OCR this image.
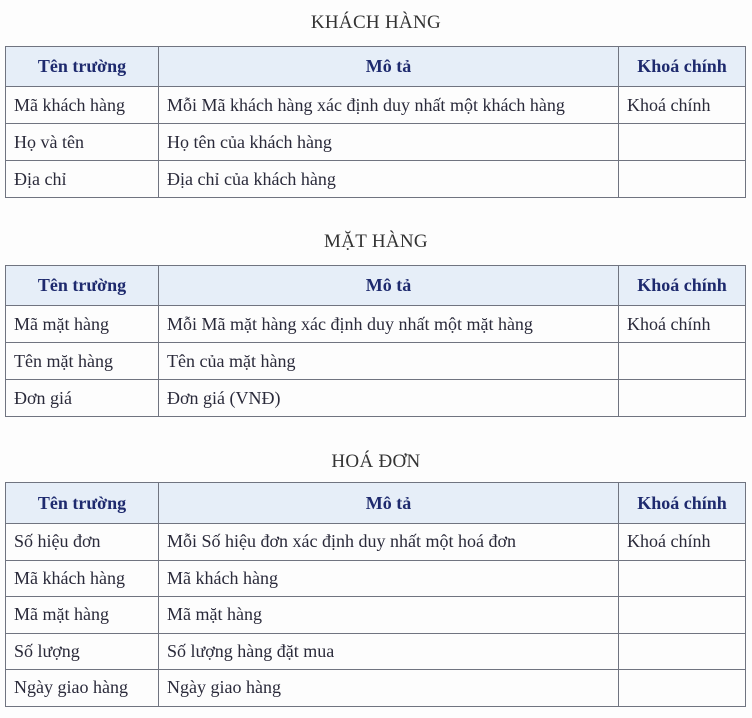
KHÁCH HÀNG
Tên trường	Mô tả	Khoá chính
Mã khách hàng	Mỗi Mã khách hàng xác định duy nhất một khách hàng	Khoá chính
Họ và tên	Họ tên của khách hàng	
Địa chỉ	Địa chỉ của khách hàng	
MẶT HÀNG
Tên trường	Mô tả	Khoá chính
Mã mặt hàng	Mỗi Mã mặt hàng xác định duy nhất một mặt hàng	Khoá chính
Tên mặt hàng	Tên của mặt hàng	
Đơn giá	Đơn giá (VNĐ)	
HOÁ ĐƠN
Tên trường	Mô tả	Khoá chính
Số hiệu đơn	Mỗi Số hiệu đơn xác định duy nhất một hoá đơn	Khoá chính
Mã khách hàng	Mã khách hàng	
Mã mặt hàng	Mã mặt hàng	
Số lượng	Số lượng hàng đặt mua	
Ngày giao hàng	Ngày giao hàng	
